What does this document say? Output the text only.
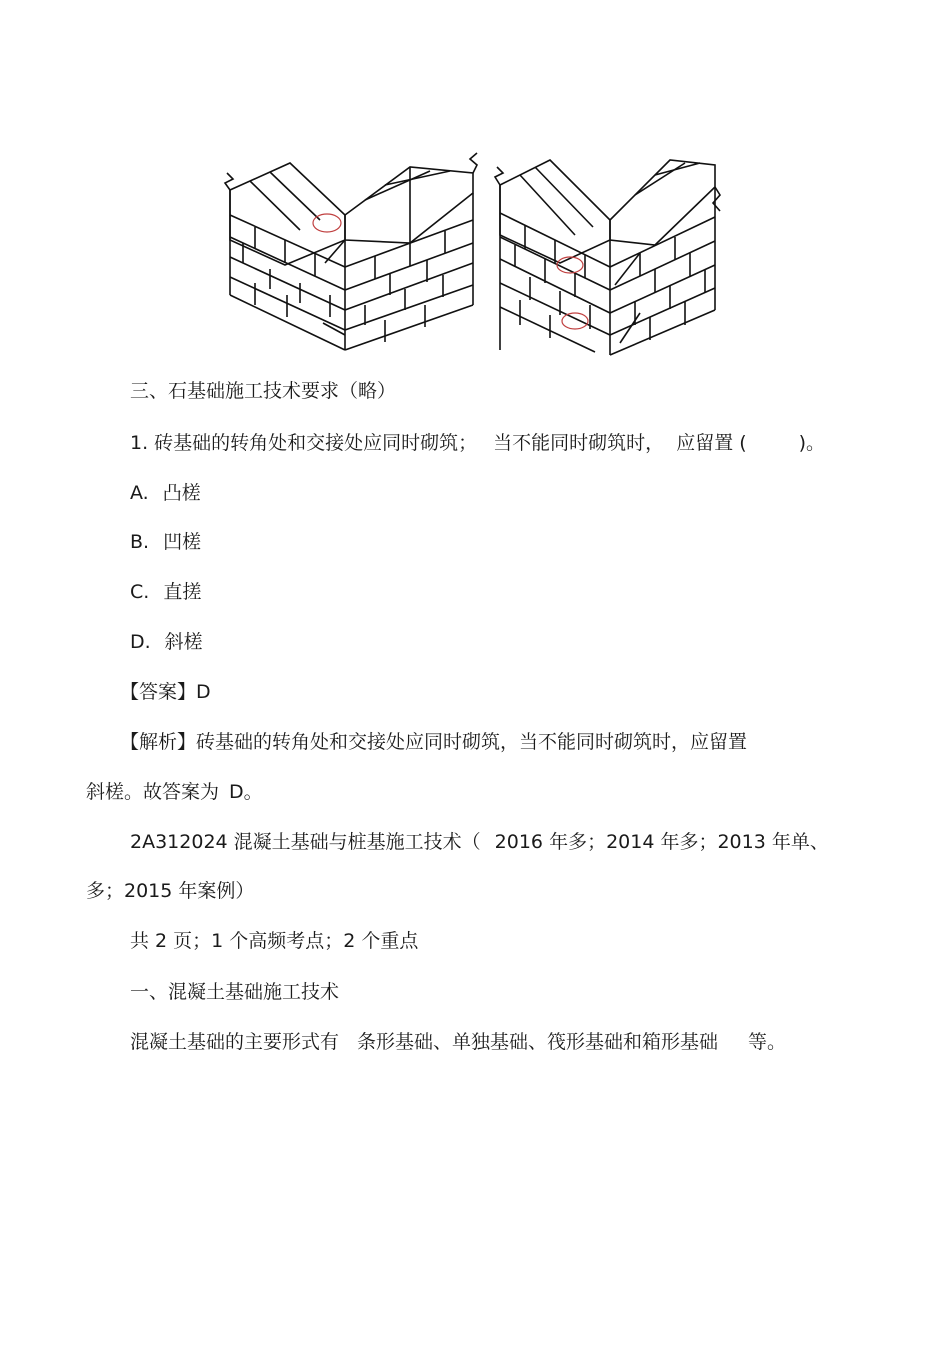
三、石基础施工技术要求（略）
1. 砖基础的转角处和交接处应同时砌筑； 当不能同时砌筑时， 应留置 (	)。
A. 凸槎
B. 凹槎
C. 直搓
D. 斜槎
【答案】D
【解析】砖基础的转角处和交接处应同时砌筑，当不能同时砌筑时，应留置
斜槎。故答案为 D。
2A312024 混凝土基础与桩基施工技术（ 2016 年多；2014 年多；2013 年单、
多；2015 年案例）
共 2 页；1 个高频考点；2 个重点
一、混凝土基础施工技术
混凝土基础的主要形式有 条形基础、单独基础、筏形基础和箱形基础 等。
